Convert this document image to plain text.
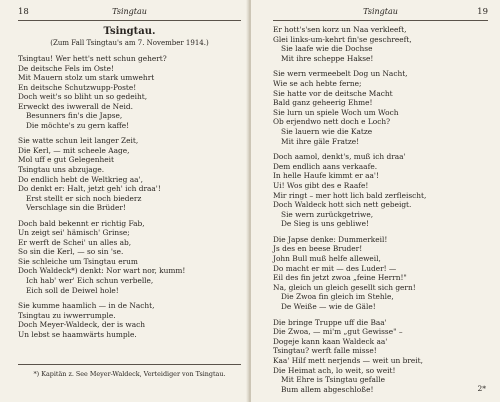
18	Tsingtau
Tsingtau.
(Zum Fall Tsingtau's am 7. November 1914.)
Tsingtau! Wer hett's nett schun gehert?
De deitsche Fels im Oste!
Mit Mauern stolz um stark umwehrt
En deitsche Schutzwupp-Poste!
Doch weit's so bliht un so gedeiht,
Erweckt des iwwerall de Neid.
Besunners fin's die Japse,
Die möchte's zu gern kaffe!
Sie watte schun leit langer Zeit,
Die Kerl, — mit scheele Aage,
Mol uff e gut Gelegenheit
Tsingtau uns abzujage.
Do endlich hebt de Weltkrieg aa',
Do denkt er: Halt, jetzt geh' ich draa'!
Erst stellt er sich noch biederz
Verschlage sin die Brüder!
Doch bald bekennt er richtig Fab,
Un zeigt sei' hämisch' Grinse;
Er werft de Schei' un alles ab,
So sin die Kerl, — so sin 'se.
Sie schleiche um Tsingtau erum
Doch Waldeck*) denkt: Nor wart nor, kumm!
Ich hab' wer' Eich schun verbelle,
Eich soll de Deiwel hole!
Sie kumme haamlich — in de Nacht,
Tsingtau zu iwwerrumple.
Doch Meyer-Waldeck, der is wach
Un lebst se haamwärts humple.
*) Kapitän z. See Meyer-Waldeck, Verteidiger von Tsingtau.
Tsingtau	19
Er hott's'sen korz un Naa verkleeft,
Glei links-um-kehrt fin'se geschreeft,
Sie laafe wie die Dochse
Mit ihre scheppe Hakse!
Sie wern vermeebelt Dog un Nacht,
Wie se ach hebte ferne;
Sie hatte vor de deitsche Macht
Bald ganz geheerig Ehme!
Sie lurn un spiele Woch um Woch
Ob erjendwo nett doch e Loch?
Sie lauern wie die Katze
Mit ihre gäle Fratze!
Doch aamol, denkt's, muß ich draa'
Dem endlich aans verkaafe.
In helle Haufe kimmt er aa'!
Ui! Wos gibt des e Raafe!
Mir ringt – mer hott lich bald zerfleischt,
Doch Waldeck hott sich nett gebeigt.
Sie wern zurückgetriwe,
De Sieg is uns gebliwe!
Die Japse denke: Dummerkeil!
Js des en beese Bruder!
John Bull muß helfe alleweil,
Do macht er mit — des Luder! —
Eil des fin jetzt zwoa „feine Herrn!"
Na, gleich un gleich gesellt sich gern!
Die Zwoa fin gleich im Stehle,
De Weiße — wie de Gäle!
Die bringe Truppe uff die Baa'
Die Zwoa, — mi'm „gut Gewisse" –
Dogeje kann kaan Waldeck aa'
Tsingtau? werft falle misse!
Kaa' Hilf mett nerjends — weit un breit,
Die Heimat ach, lo weit, so weit!
Mit Ehre is Tsingtau gefalle
Bum allem abgeschloße!	2*
